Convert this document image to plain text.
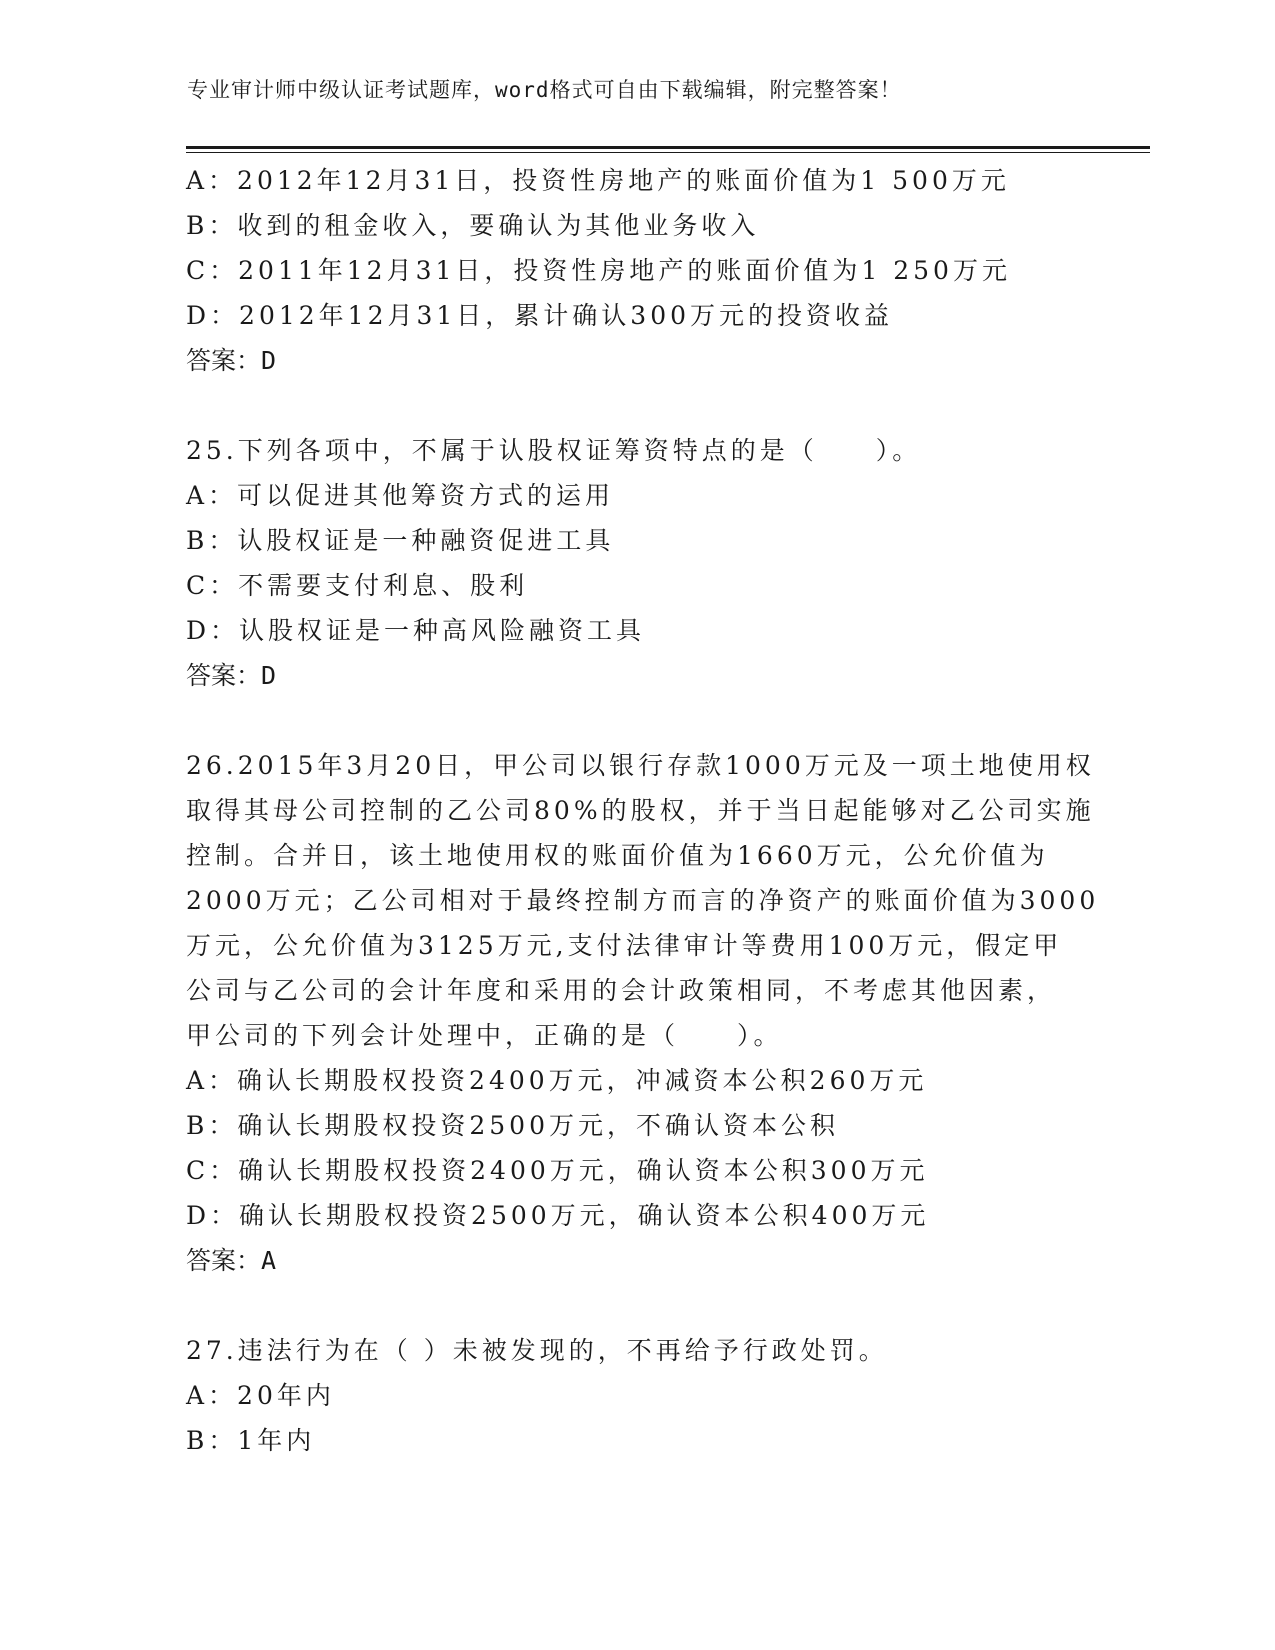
专业审计师中级认证考试题库，word格式可自由下载编辑，附完整答案！
A：2012年12月31日，投资性房地产的账面价值为1 500万元
B：收到的租金收入，要确认为其他业务收入
C：2011年12月31日，投资性房地产的账面价值为1 250万元
D：2012年12月31日，累计确认300万元的投资收益
答案：D
25.下列各项中，不属于认股权证筹资特点的是（　　）。
A：可以促进其他筹资方式的运用
B：认股权证是一种融资促进工具
C：不需要支付利息、股利
D：认股权证是一种高风险融资工具
答案：D
26.2015年3月20日，甲公司以银行存款1000万元及一项土地使用权
取得其母公司控制的乙公司80%的股权，并于当日起能够对乙公司实施
控制。合并日，该土地使用权的账面价值为1660万元，公允价值为
2000万元；乙公司相对于最终控制方而言的净资产的账面价值为3000
万元，公允价值为3125万元,支付法律审计等费用100万元，假定甲
公司与乙公司的会计年度和采用的会计政策相同，不考虑其他因素，
甲公司的下列会计处理中，正确的是（　　）。
A：确认长期股权投资2400万元，冲减资本公积260万元
B：确认长期股权投资2500万元，不确认资本公积
C：确认长期股权投资2400万元，确认资本公积300万元
D：确认长期股权投资2500万元，确认资本公积400万元
答案：A
27.违法行为在（ ）未被发现的，不再给予行政处罚。
A：20年内
B：1年内
